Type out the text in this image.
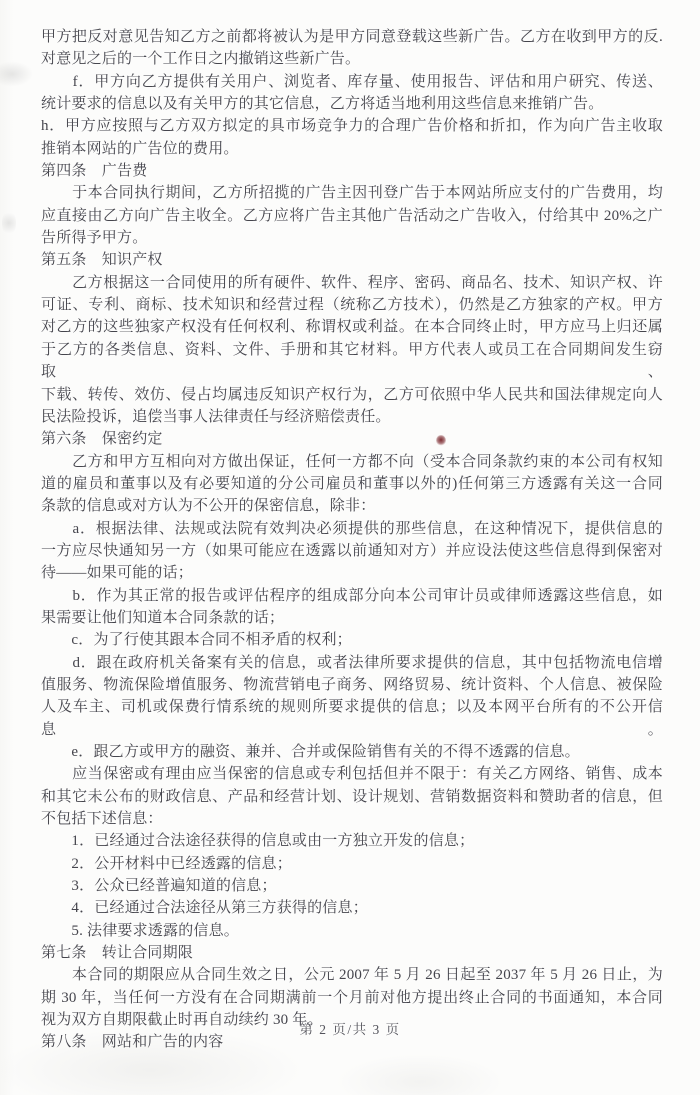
甲方把反对意见告知乙方之前都将被认为是甲方同意登载这些新广告。乙方在收到甲方的反.
对意见之后的一个工作日之内撤销这些新广告。
　　f．甲方向乙方提供有关用户、浏览者、库存量、使用报告、评估和用户研究、传送、
统计要求的信息以及有关甲方的其它信息，乙方将适当地利用这些信息来推销广告。
h．甲方应按照与乙方双方拟定的具市场竞争力的合理广告价格和折扣，作为向广告主收取
推销本网站的广告位的费用。
第四条　广告费
　　于本合同执行期间，乙方所招揽的广告主因刊登广告于本网站所应支付的广告费用，均
应直接由乙方向广告主收全。乙方应将广告主其他广告活动之广告收入，付给其中 20%之广
告所得予甲方。
第五条　知识产权
　　乙方根据这一合同使用的所有硬件、软件、程序、密码、商品名、技术、知识产权、许
可证、专利、商标、技术知识和经营过程（统称乙方技术），仍然是乙方独家的产权。甲方
对乙方的这些独家产权没有任何权利、称谓权或利益。在本合同终止时，甲方应马上归还属
于乙方的各类信息、资料、文件、手册和其它材料。甲方代表人或员工在合同期间发生窃取、
下载、转传、效仿、侵占均属违反知识产权行为，乙方可依照中华人民共和国法律规定向人
民法险投诉，追偿当事人法律责任与经济赔偿责任。
第六条　保密约定
　　乙方和甲方互相向对方做出保证，任何一方都不向（受本合同条款约束的本公司有权知
道的雇员和董事以及有必要知道的分公司雇员和董事以外的)任何第三方透露有关这一合同
条款的信息或对方认为不公开的保密信息，除非：
　　a．根据法律、法规或法院有效判决必须提供的那些信息，在这种情况下，提供信息的
一方应尽快通知另一方（如果可能应在透露以前通知对方）并应设法使这些信息得到保密对
待——如果可能的话；
　　b．作为其正常的报告或评估程序的组成部分向本公司审计员或律师透露这些信息，如
果需要让他们知道本合同条款的话；
　　c．为了行使其跟本合同不相矛盾的权利；
　　d．跟在政府机关备案有关的信息，或者法律所要求提供的信息，其中包括物流电信增
值服务、物流保险增值服务、物流营销电子商务、网络贸易、统计资料、个人信息、被保险
人及车主、司机或保费行情系统的规则所要求提供的信息；以及本网平台所有的不公开信息。
　　e．跟乙方或甲方的融资、兼并、合并或保险销售有关的不得不透露的信息。
　　应当保密或有理由应当保密的信息或专利包括但并不限于：有关乙方网络、销售、成本
和其它未公布的财政信息、产品和经营计划、设计规划、营销数据资料和赞助者的信息，但
不包括下述信息：
　　1．已经通过合法途径获得的信息或由一方独立开发的信息；
　　2．公开材料中已经透露的信息；
　　3．公众已经普遍知道的信息；
　　4．已经通过合法途径从第三方获得的信息；
　　5. 法律要求透露的信息。
第七条　转让合同期限
　　本合同的期限应从合同生效之日，公元 2007 年 5 月 26 日起至 2037 年 5 月 26 日止，为
期 30 年，当任何一方没有在合同期满前一个月前对他方提出终止合同的书面通知，本合同
视为双方自期限截止时再自动续约 30 年。
第八条　网站和广告的内容
第 2 页/共 3 页
